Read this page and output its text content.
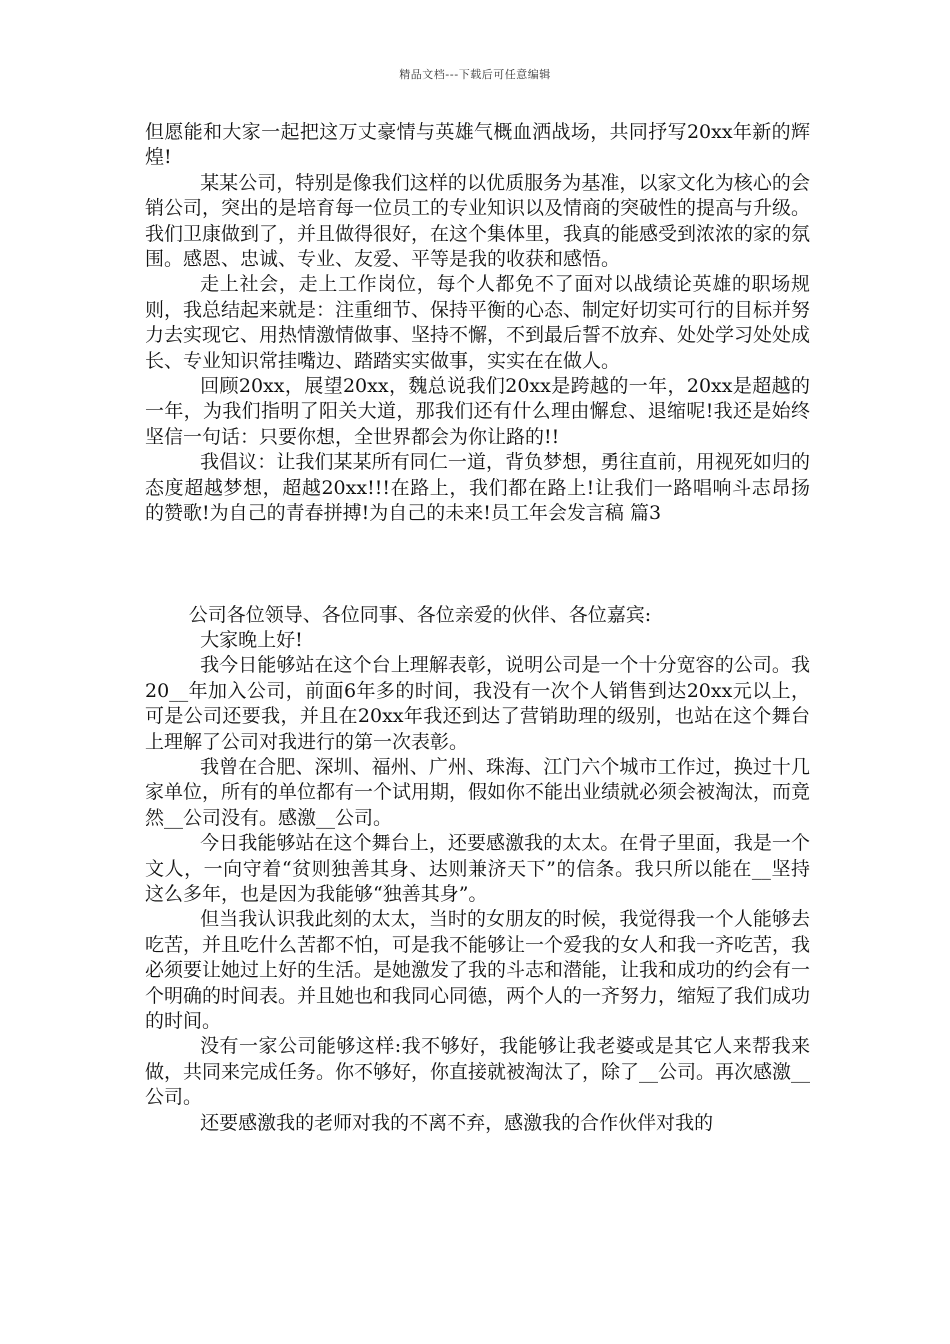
精品文档---下载后可任意编辑

但愿能和大家一起把这万丈豪情与英雄气概血洒战场，共同抒写20xx年新的辉煌!

某某公司，特别是像我们这样的以优质服务为基准，以家文化为核心的会销公司，突出的是培育每一位员工的专业知识以及情商的突破性的提高与升级。我们卫康做到了，并且做得很好，在这个集体里，我真的能感受到浓浓的家的氛围。感恩、忠诚、专业、友爱、平等是我的收获和感悟。

走上社会，走上工作岗位，每个人都免不了面对以战绩论英雄的职场规则，我总结起来就是：注重细节、保持平衡的心态、制定好切实可行的目标并努力去实现它、用热情激情做事、坚持不懈，不到最后誓不放弃、处处学习处处成长、专业知识常挂嘴边、踏踏实实做事，实实在在做人。

回顾20xx，展望20xx，魏总说我们20xx是跨越的一年，20xx是超越的一年，为我们指明了阳关大道，那我们还有什么理由懈怠、退缩呢!我还是始终坚信一句话：只要你想，全世界都会为你让路的!!

我倡议：让我们某某所有同仁一道，背负梦想，勇往直前，用视死如归的态度超越梦想，超越20xx!!!在路上，我们都在路上!让我们一路唱响斗志昂扬的赞歌!为自己的青春拼搏!为自己的未来!员工年会发言稿 篇3

公司各位领导、各位同事、各位亲爱的伙伴、各位嘉宾:

大家晚上好!

我今日能够站在这个台上理解表彰，说明公司是一个十分宽容的公司。我20__年加入公司，前面6年多的时间，我没有一次个人销售到达20xx元以上，可是公司还要我，并且在20xx年我还到达了营销助理的级别，也站在这个舞台上理解了公司对我进行的第一次表彰。

我曾在合肥、深圳、福州、广州、珠海、江门六个城市工作过，换过十几家单位，所有的单位都有一个试用期，假如你不能出业绩就必须会被淘汰，而竟然__公司没有。感激__公司。

今日我能够站在这个舞台上，还要感激我的太太。在骨子里面，我是一个文人，一向守着“贫则独善其身、达则兼济天下”的信条。我只所以能在__坚持这么多年，也是因为我能够“独善其身”。

但当我认识我此刻的太太，当时的女朋友的时候，我觉得我一个人能够去吃苦，并且吃什么苦都不怕，可是我不能够让一个爱我的女人和我一齐吃苦，我必须要让她过上好的生活。是她激发了我的斗志和潜能，让我和成功的约会有一个明确的时间表。并且她也和我同心同德，两个人的一齐努力，缩短了我们成功的时间。

没有一家公司能够这样:我不够好，我能够让我老婆或是其它人来帮我来做，共同来完成任务。你不够好，你直接就被淘汰了，除了__公司。再次感激__公司。

还要感激我的老师对我的不离不弃，感激我的合作伙伴对我的
